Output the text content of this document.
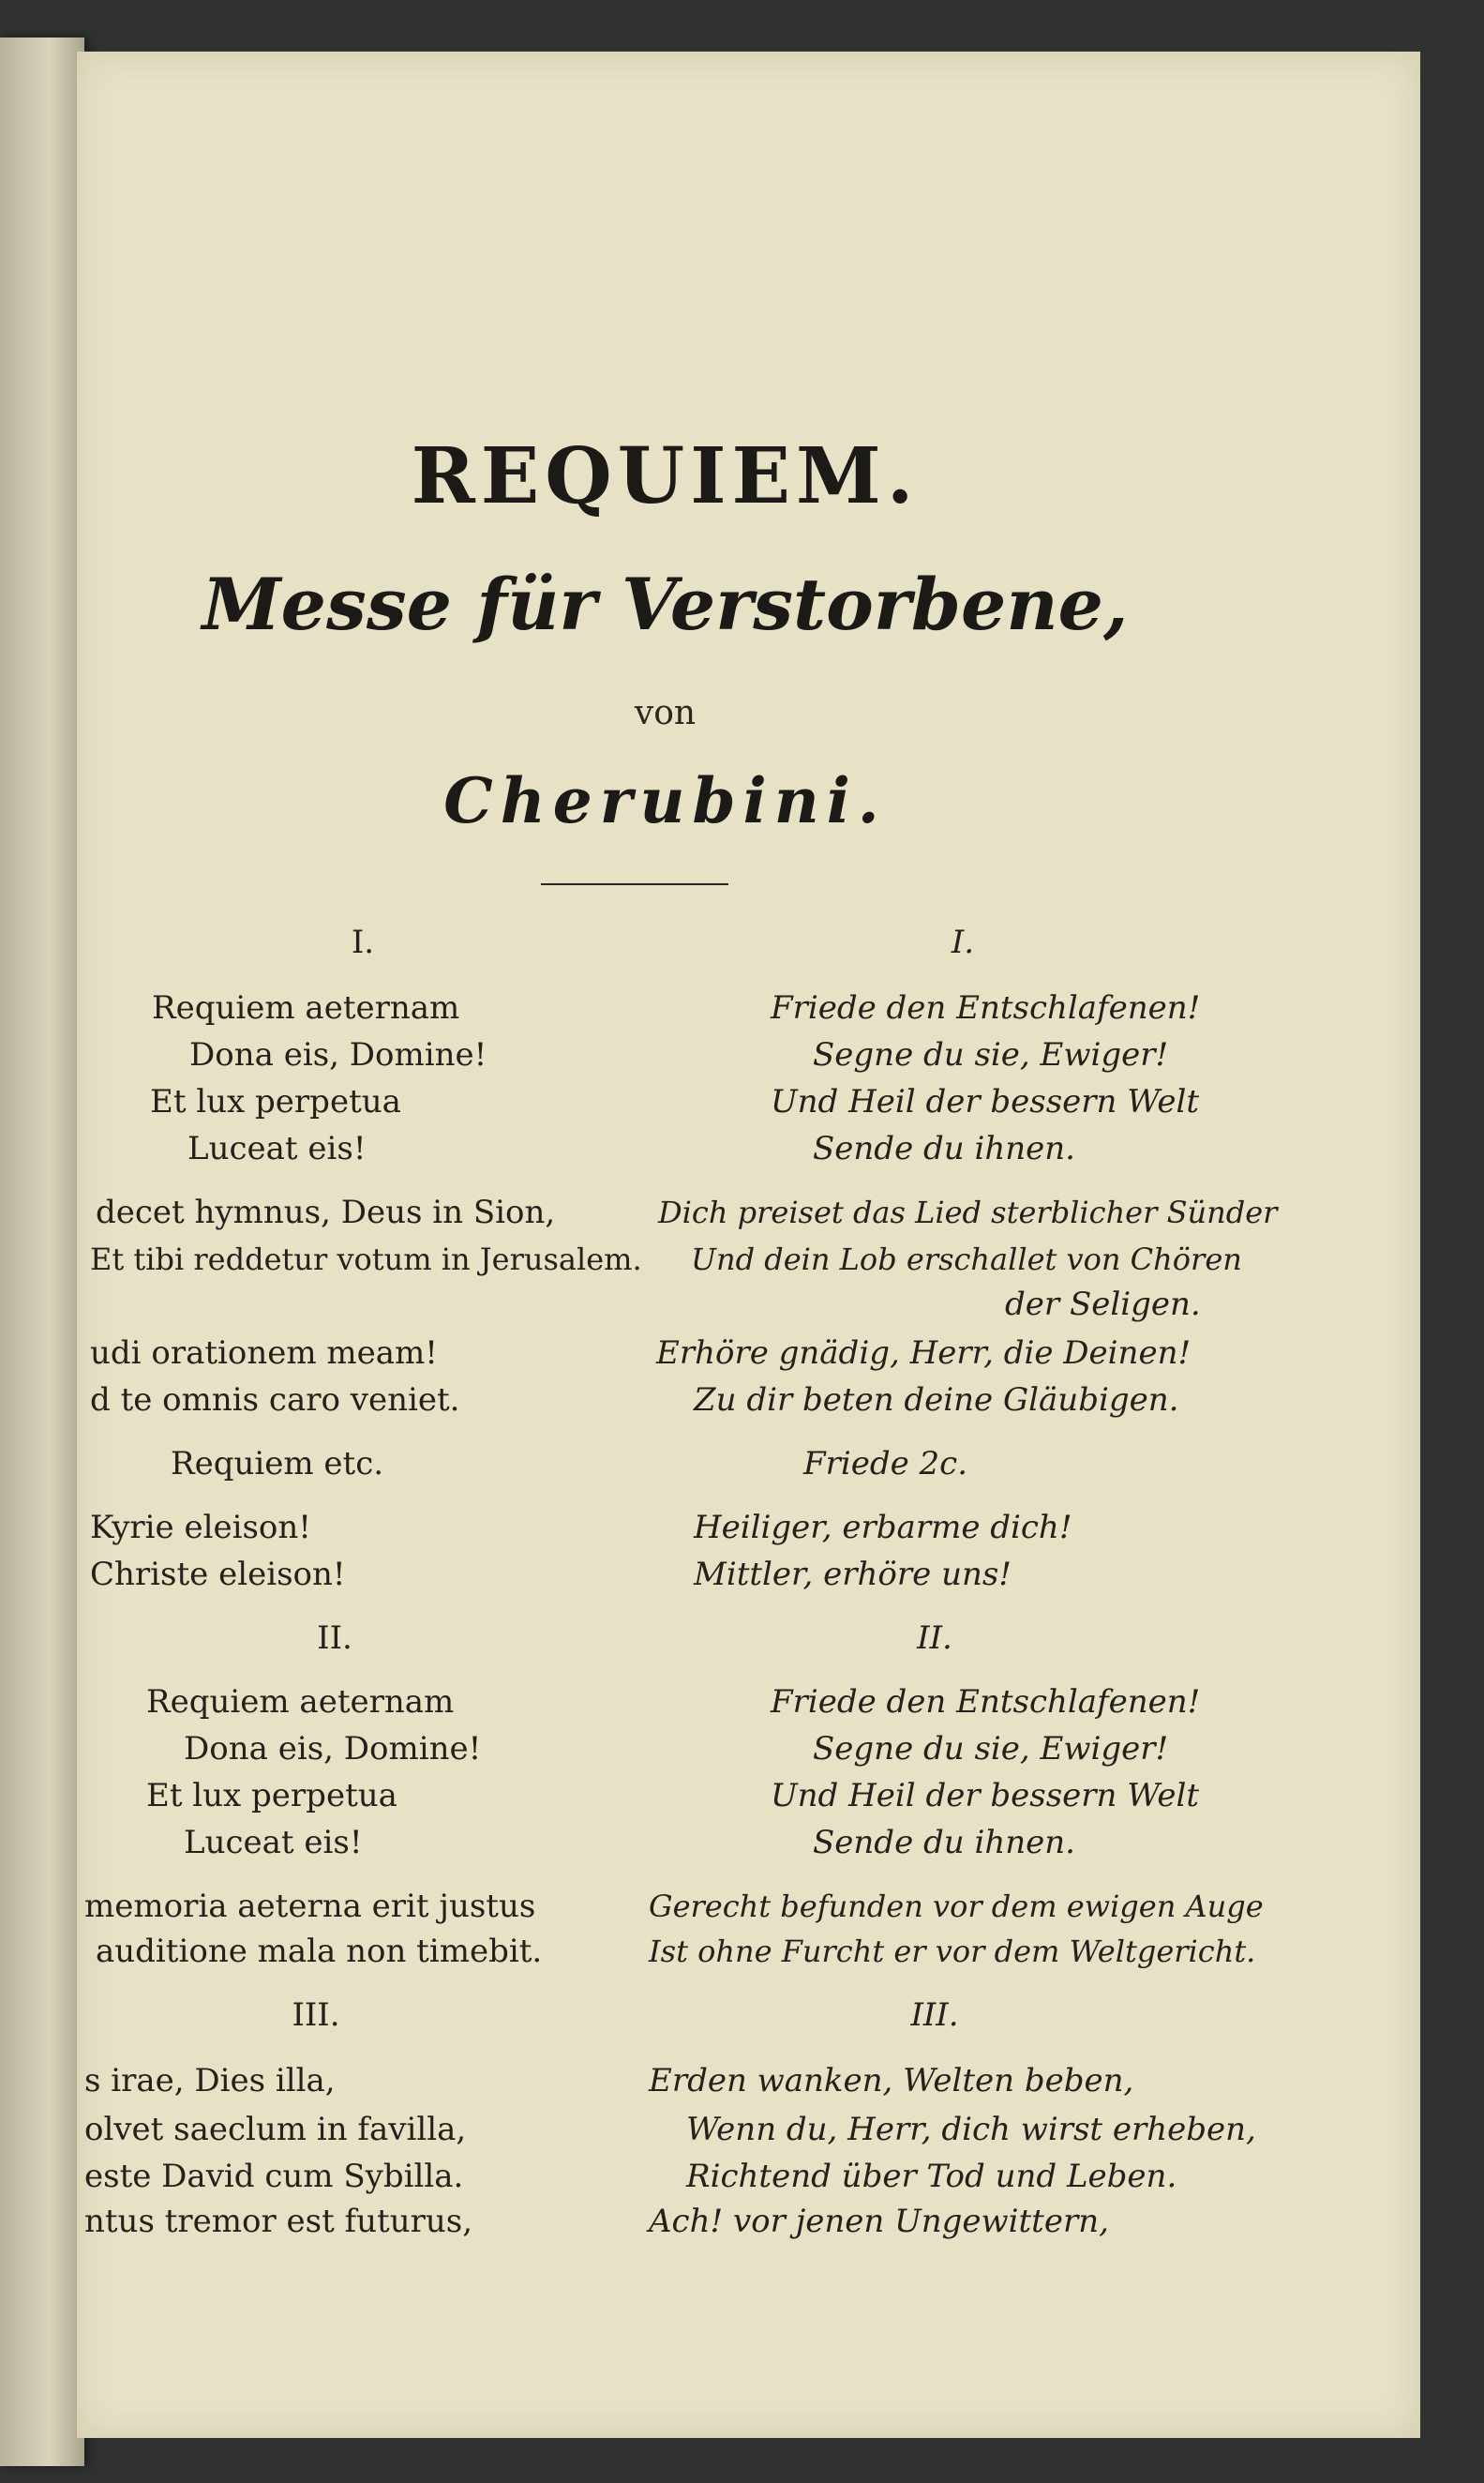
REQUIEM.
Messe für Verstorbene,
von
Cherubini.
I.
Requiem aeternam
Dona eis, Domine!
Et lux perpetua
Luceat eis!
decet hymnus, Deus in Sion,
Et tibi reddetur votum in Jerusalem.
udi orationem meam!
d te omnis caro veniet.
Requiem etc.
Kyrie eleison!
Christe eleison!
II.
Requiem aeternam
Dona eis, Domine!
Et lux perpetua
Luceat eis!
memoria aeterna erit justus
auditione mala non timebit.
III.
s irae, Dies illa,
olvet saeclum in favilla,
este David cum Sybilla.
ntus tremor est futurus,
I.
Friede den Entschlafenen!
Segne du sie, Ewiger!
Und Heil der bessern Welt
Sende du ihnen.
Dich preiset das Lied sterblicher Sünder
Und dein Lob erschallet von Chören
der Seligen.
Erhöre gnädig, Herr, die Deinen!
Zu dir beten deine Gläubigen.
Friede 2c.
Heiliger, erbarme dich!
Mittler, erhöre uns!
II.
Friede den Entschlafenen!
Segne du sie, Ewiger!
Und Heil der bessern Welt
Sende du ihnen.
Gerecht befunden vor dem ewigen Auge
Ist ohne Furcht er vor dem Weltgericht.
III.
Erden wanken, Welten beben,
Wenn du, Herr, dich wirst erheben,
Richtend über Tod und Leben.
Ach! vor jenen Ungewittern,
